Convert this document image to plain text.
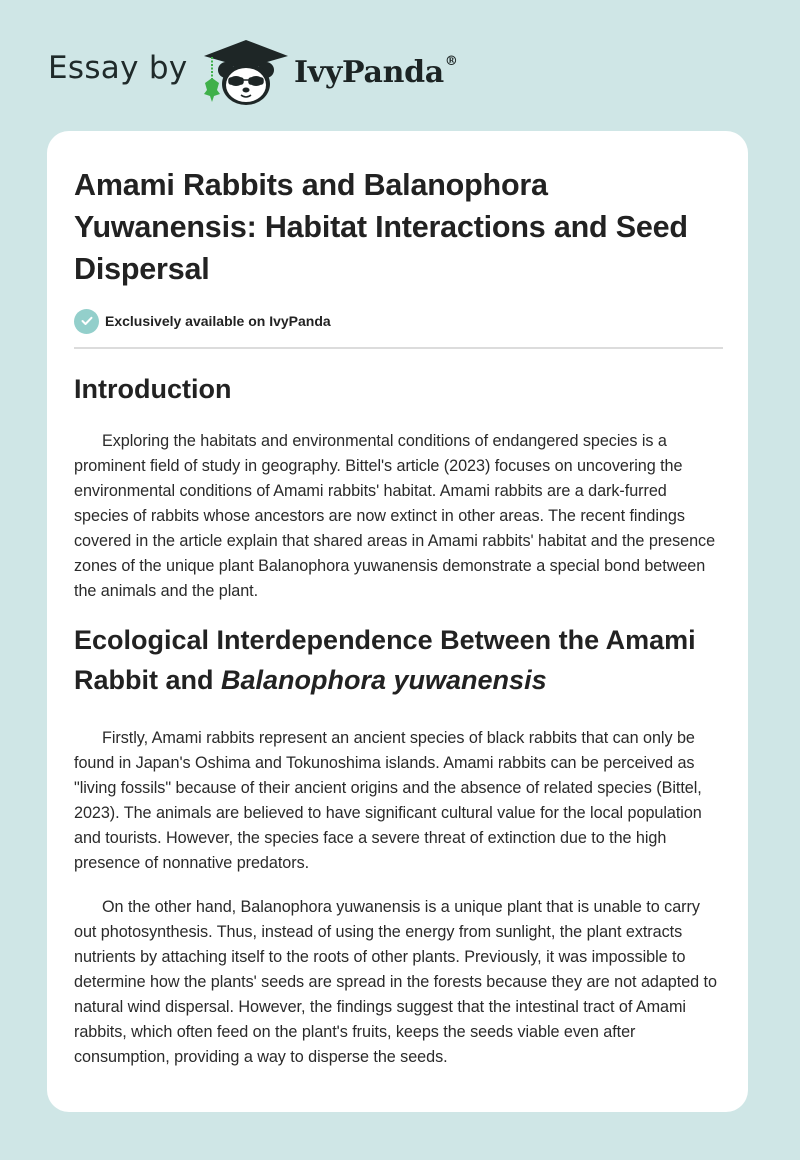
Essay by	IvyPanda®
Amami Rabbits and Balanophora Yuwanensis: Habitat Interactions and Seed Dispersal
Exclusively available on IvyPanda
Introduction

Exploring the habitats and environmental conditions of endangered species is a prominent field of study in geography. Bittel's article (2023) focuses on uncovering the environmental conditions of Amami rabbits' habitat. Amami rabbits are a dark-furred species of rabbits whose ancestors are now extinct in other areas. The recent findings covered in the article explain that shared areas in Amami rabbits' habitat and the presence zones of the unique plant Balanophora yuwanensis demonstrate a special bond between the animals and the plant.

Ecological Interdependence Between the Amami Rabbit and Balanophora yuwanensis

Firstly, Amami rabbits represent an ancient species of black rabbits that can only be found in Japan's Oshima and Tokunoshima islands. Amami rabbits can be perceived as "living fossils" because of their ancient origins and the absence of related species (Bittel, 2023). The animals are believed to have significant cultural value for the local population and tourists. However, the species face a severe threat of extinction due to the high presence of nonnative predators.

On the other hand, Balanophora yuwanensis is a unique plant that is unable to carry out photosynthesis. Thus, instead of using the energy from sunlight, the plant extracts nutrients by attaching itself to the roots of other plants. Previously, it was impossible to determine how the plants' seeds are spread in the forests because they are not adapted to natural wind dispersal. However, the findings suggest that the intestinal tract of Amami rabbits, which often feed on the plant's fruits, keeps the seeds viable even after consumption, providing a way to disperse the seeds.
